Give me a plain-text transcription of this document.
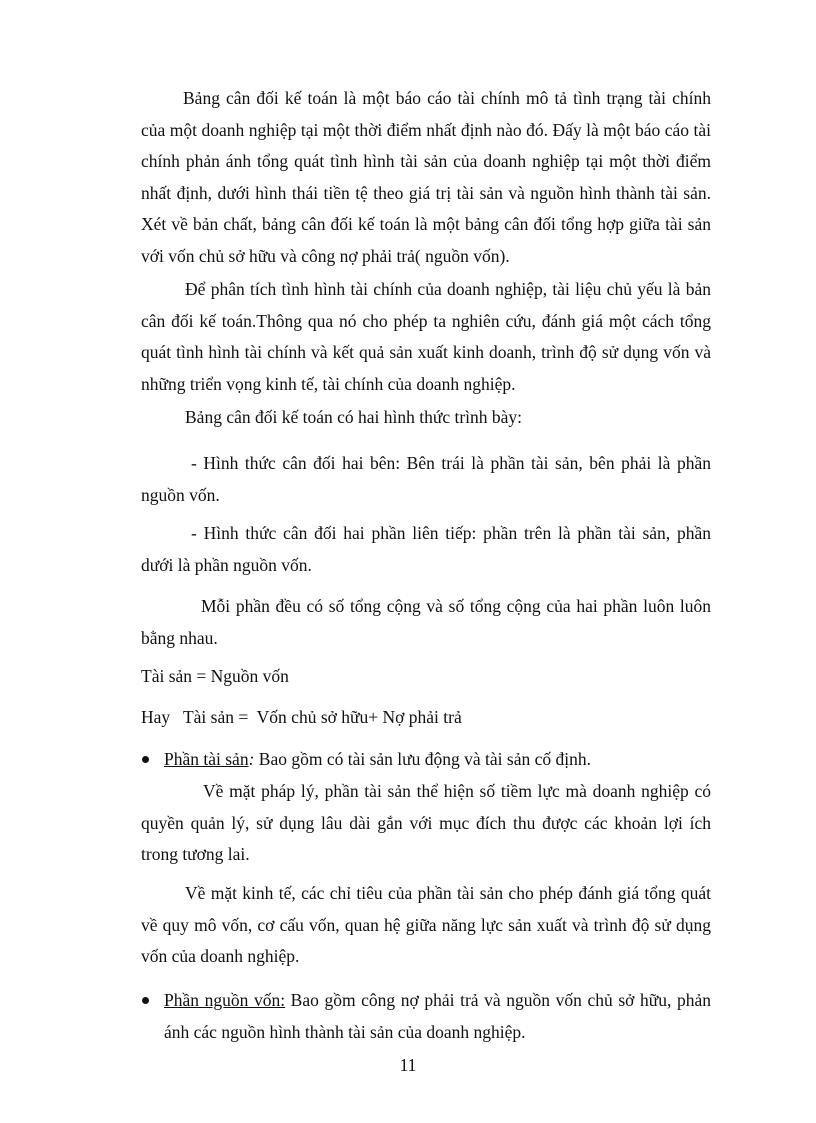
Bảng cân đối kế toán là một báo cáo tài chính mô tả tình trạng tài chính của một doanh nghiệp tại một thời điểm nhất định nào đó. Đấy là một báo cáo tài chính phản ánh tổng quát tình hình tài sản của doanh nghiệp tại một thời điểm nhất định, dưới hình thái tiền tệ theo giá trị tài sản và nguồn hình thành tài sản. Xét về bản chất, bảng cân đối kế toán là một bảng cân đối tổng hợp giữa tài sản với vốn chủ sở hữu và công nợ phải trả( nguồn vốn).

Để phân tích tình hình tài chính của doanh nghiệp, tài liệu chủ yếu là bản cân đối kế toán.Thông qua nó cho phép ta nghiên cứu, đánh giá một cách tổng quát tình hình tài chính và kết quả sản xuất kinh doanh, trình độ sử dụng vốn và những triển vọng kinh tế, tài chính của doanh nghiệp.

Bảng cân đối kế toán có hai hình thức trình bày:

- Hình thức cân đối hai bên: Bên trái là phần tài sản, bên phải là phần nguồn vốn.

- Hình thức cân đối hai phần liên tiếp: phần trên là phần tài sản, phần dưới là phần nguồn vốn.

Mỗi phần đều có số tổng cộng và số tổng cộng của hai phần luôn luôn bằng nhau.

Tài sản = Nguồn vốn

Hay   Tài sản =  Vốn chủ sở hữu+ Nợ phải trả

Phần tài sản: Bao gồm có tài sản lưu động và tài sản cố định.

Về mặt pháp lý, phần tài sản thể hiện số tiềm lực mà doanh nghiệp có quyền quản lý, sử dụng lâu dài gắn với mục đích thu được các khoản lợi ích trong tương lai.

Về mặt kinh tế, các chỉ tiêu của phần tài sản cho phép đánh giá tổng quát về quy mô vốn, cơ cấu vốn, quan hệ giữa năng lực sản xuất và trình độ sử dụng vốn của doanh nghiệp.

Phần nguồn vốn: Bao gồm công nợ phải trả và nguồn vốn chủ sở hữu, phản ánh các nguồn hình thành tài sản của doanh nghiệp.
11
